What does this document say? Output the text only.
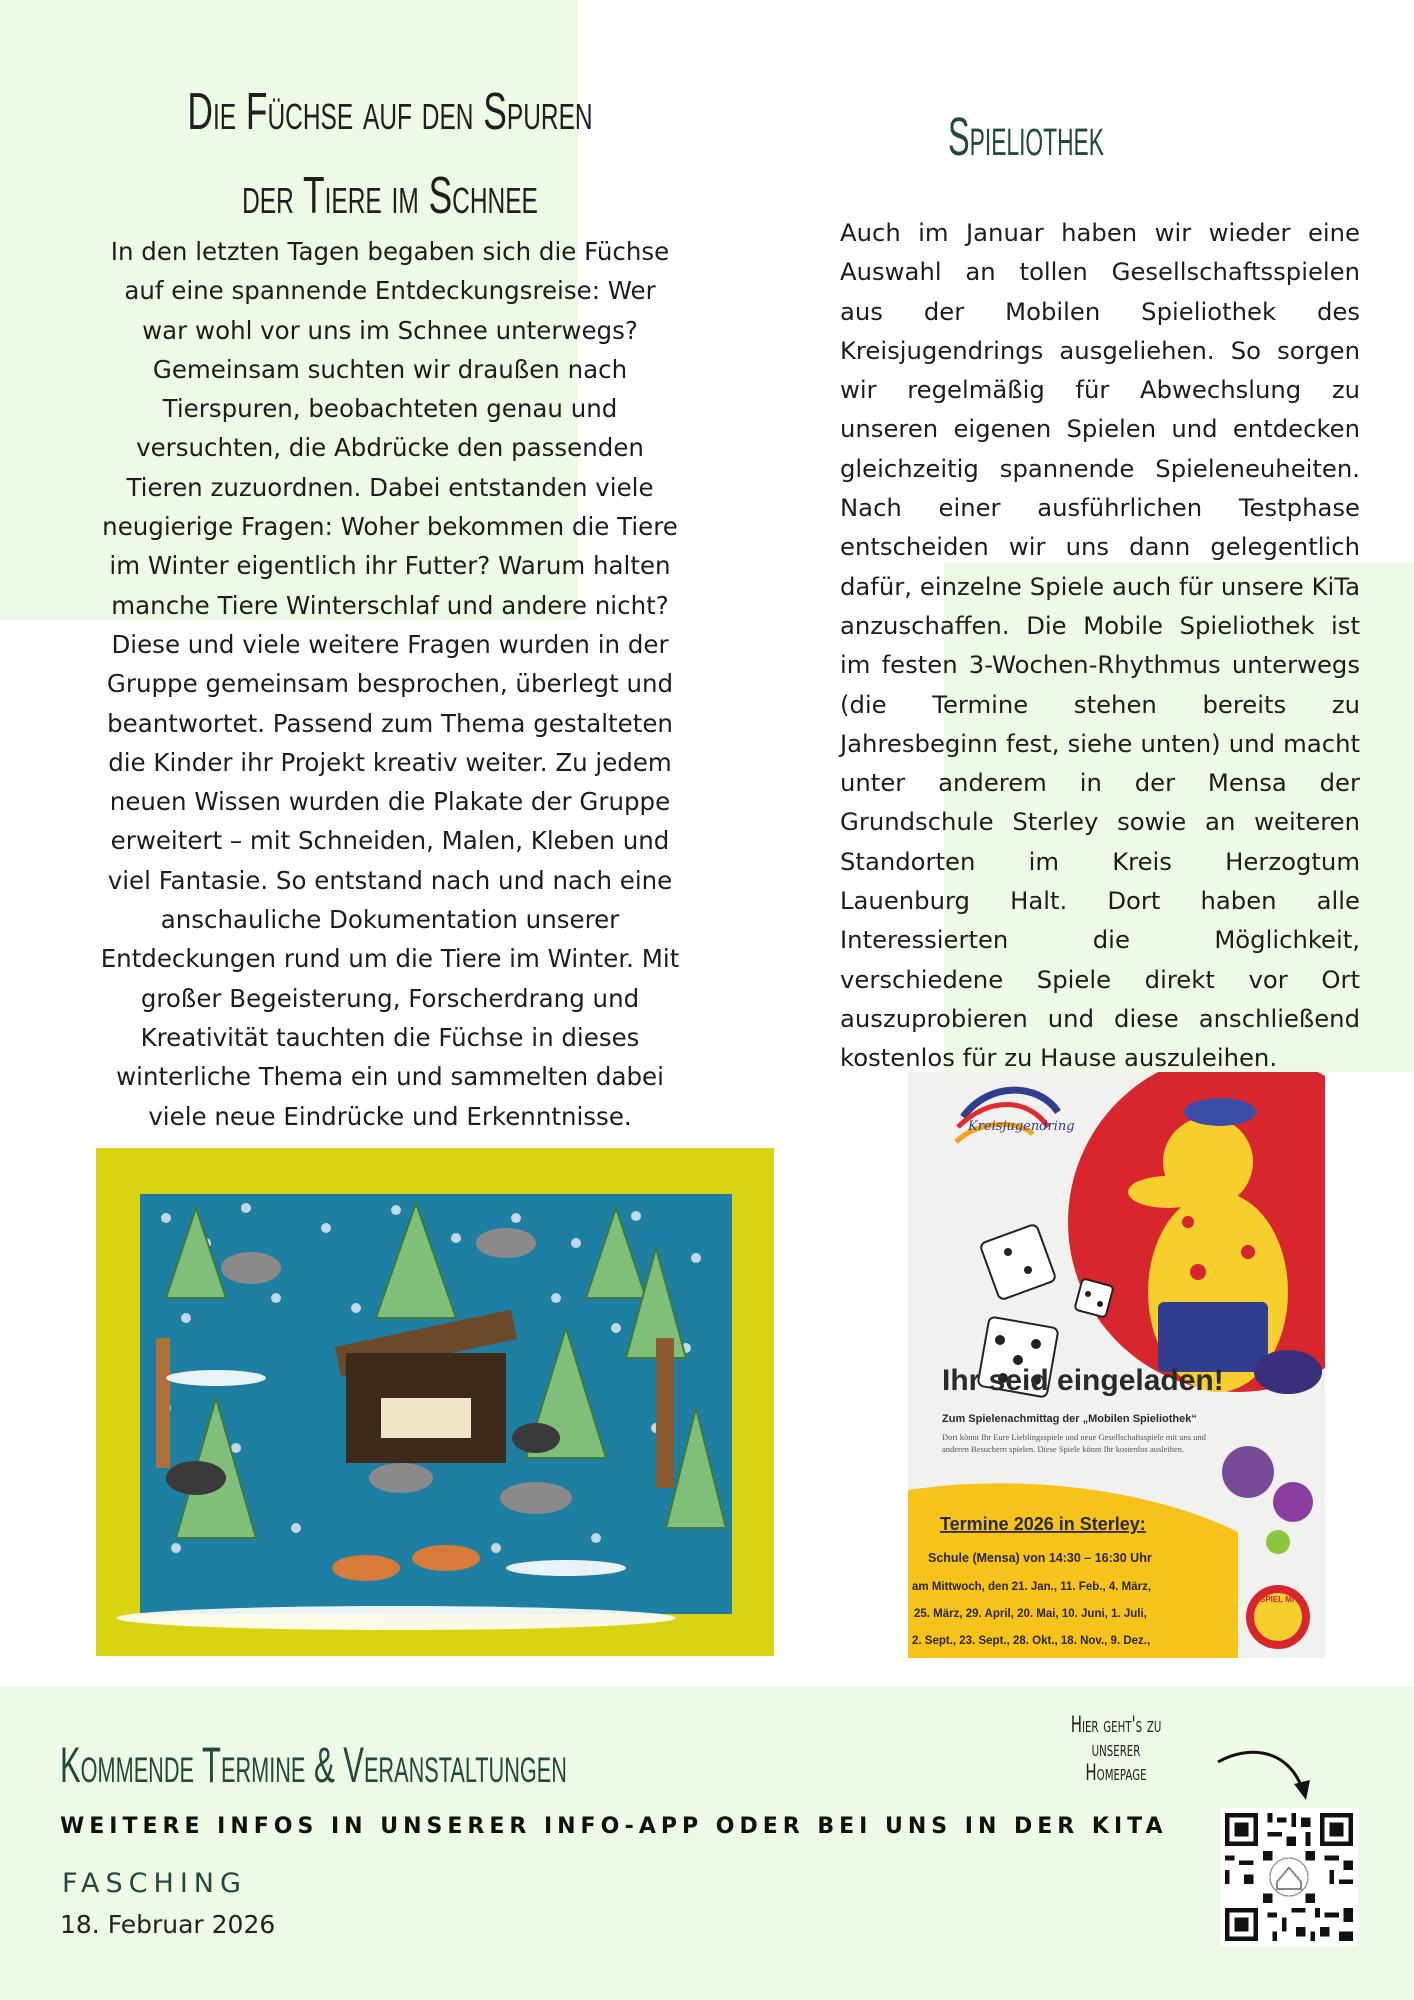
Die Füchse auf den Spuren der Tiere im Schnee
In den letzten Tagen begaben sich die Füchse auf eine spannende Entdeckungsreise: Wer war wohl vor uns im Schnee unterwegs? Gemeinsam suchten wir draußen nach Tierspuren, beobachteten genau und versuchten, die Abdrücke den passenden Tieren zuzuordnen. Dabei entstanden viele neugierige Fragen: Woher bekommen die Tiere im Winter eigentlich ihr Futter? Warum halten manche Tiere Winterschlaf und andere nicht? Diese und viele weitere Fragen wurden in der Gruppe gemeinsam besprochen, überlegt und beantwortet. Passend zum Thema gestalteten die Kinder ihr Projekt kreativ weiter. Zu jedem neuen Wissen wurden die Plakate der Gruppe erweitert – mit Schneiden, Malen, Kleben und viel Fantasie. So entstand nach und nach eine anschauliche Dokumentation unserer Entdeckungen rund um die Tiere im Winter. Mit großer Begeisterung, Forscherdrang und Kreativität tauchten die Füchse in dieses winterliche Thema ein und sammelten dabei viele neue Eindrücke und Erkenntnisse.
Spieliothek
Auch im Januar haben wir wieder eine Auswahl an tollen Gesellschaftsspielen aus der Mobilen Spieliothek des Kreisjugendrings ausgeliehen. So sorgen wir regelmäßig für Abwechslung zu unseren eigenen Spielen und entdecken gleichzeitig spannende Spieleneuheiten. Nach einer ausführlichen Testphase entscheiden wir uns dann gelegentlich dafür, einzelne Spiele auch für unsere KiTa anzuschaffen. Die Mobile Spieliothek ist im festen 3-Wochen-Rhythmus unterwegs (die Termine stehen bereits zu Jahresbeginn fest, siehe unten) und macht unter anderem in der Mensa der Grundschule Sterley sowie an weiteren Standorten im Kreis Herzogtum Lauenburg Halt. Dort haben alle Interessierten die Möglichkeit, verschiedene Spiele direkt vor Ort auszuprobieren und diese anschließend kostenlos für zu Hause auszuleihen.
Kreisjugendring
Ihr seid eingeladen!
Zum Spielenachmittag der „Mobilen Spieliothek“
Dort könnt Ihr Eure Lieblingsspiele und neue Gesellschaftsspiele mit uns und
anderen Besuchern spielen. Diese Spiele könnt Ihr kostenlos ausleihen.
Termine 2026 in Sterley:
Schule (Mensa) von 14:30 – 16:30 Uhr
am Mittwoch, den 21. Jan., 11. Feb., 4. März,
25. März, 29. April, 20. Mai, 10. Juni, 1. Juli,
2. Sept., 23. Sept., 28. Okt., 18. Nov., 9. Dez.,
SPIEL MIT
Kommende Termine & Veranstaltungen
WEITERE INFOS IN UNSERER INFO-APP ODER BEI UNS IN DER KITA
FASCHING
18. Februar 2026
Hier geht's zu
unserer Homepage
